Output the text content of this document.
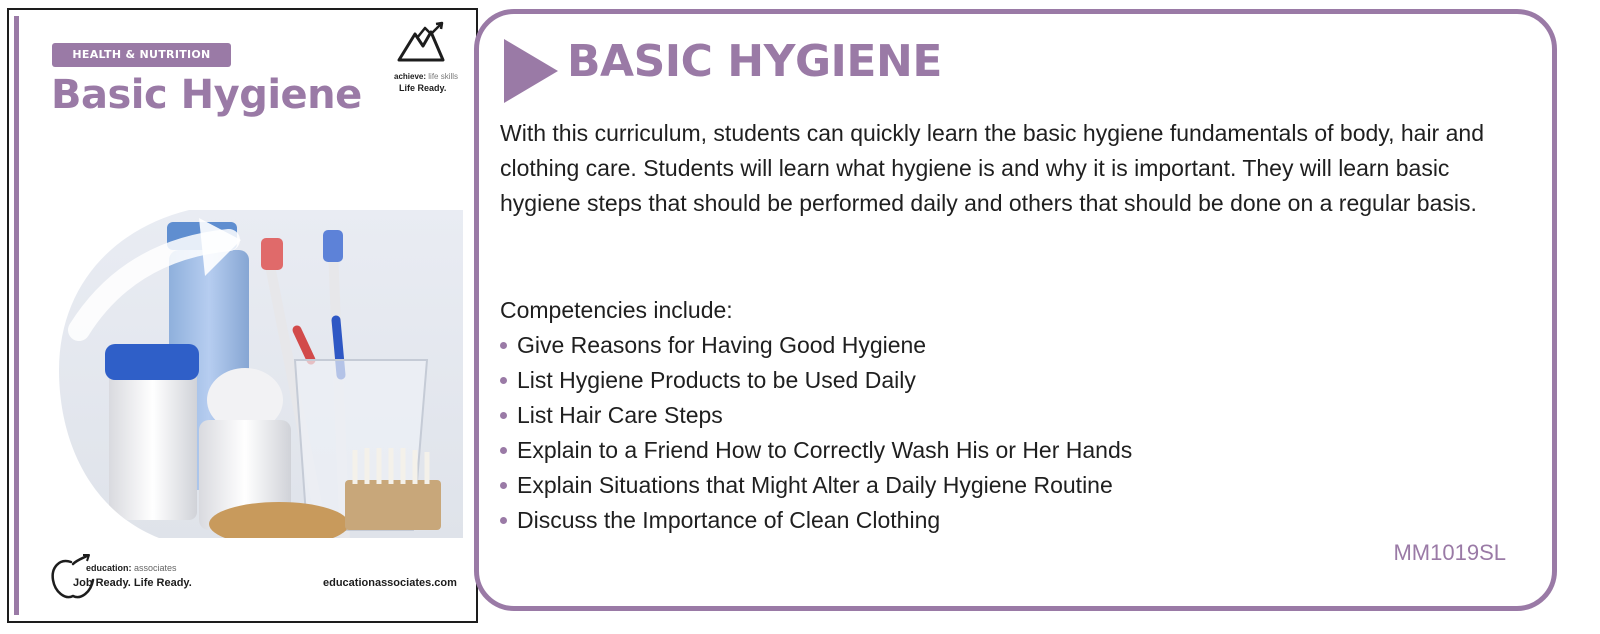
HEALTH & NUTRITION
Basic Hygiene	achieve: life skills
Life Ready.
education: associates
Job Ready. Life Ready.	educationassociates.com
BASIC HYGIENE

With this curriculum, students can quickly learn the basic hygiene fundamentals of body, hair and clothing care. Students will learn what hygiene is and why it is important. They will learn basic hygiene steps that should be performed daily and others that should be done on a regular basis.

Competencies include:
Give Reasons for Having Good Hygiene
List Hygiene Products to be Used Daily
List Hair Care Steps
Explain to a Friend How to Correctly Wash His or Her Hands
Explain Situations that Might Alter a Daily Hygiene Routine
Discuss the Importance of Clean Clothing
MM1019SL
